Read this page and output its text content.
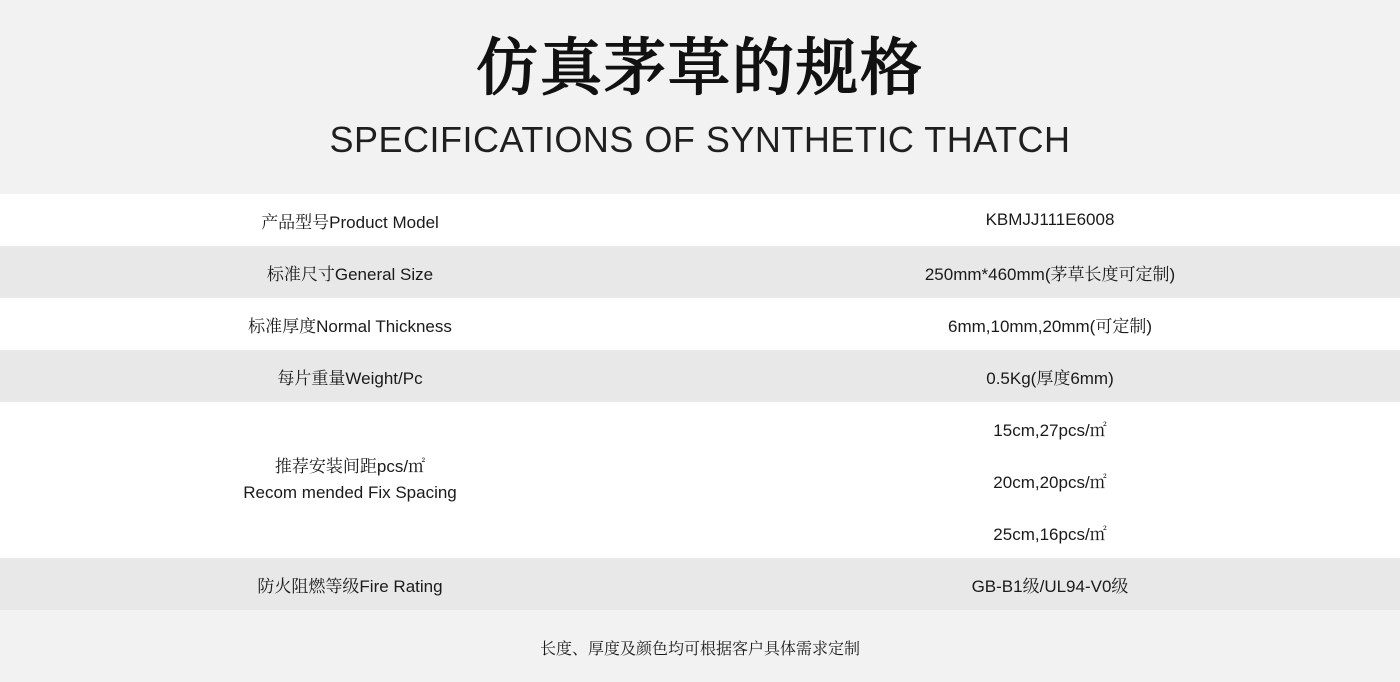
仿真茅草的规格
SPECIFICATIONS OF SYNTHETIC THATCH
产品型号Product Model	KBMJJ111E6008
标准尺寸General Size	250mm*460mm(茅草长度可定制)
标准厚度Normal Thickness	6mm,10mm,20mm(可定制)
每片重量Weight/Pc	0.5Kg(厚度6mm)

推荐安装间距pcs/㎡
Recom mended Fix Spacing	15cm,27pcs/㎡
	20cm,20pcs/㎡
	25cm,16pcs/㎡
防火阻燃等级Fire Rating	GB-B1级/UL94-V0级
长度、厚度及颜色均可根据客户具体需求定制
